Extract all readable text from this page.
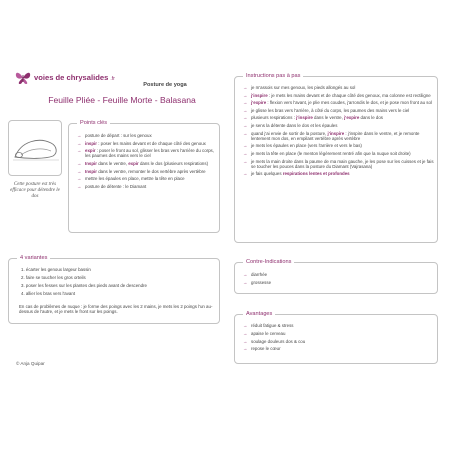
voies de chrysalides .fr
Posture de yoga
Feuille Pliée - Feuille Morte - Balasana
Cette posture est très efficace pour détendre le dos
Points clés
→ posture de départ : sur les genoux
→ inspir : poser les mains devant et de chaque côté des genoux
→ expir : poser le front au sol, glisser les bras vers l'arrière du corps, les paumes des mains vers le ciel
→ Inspir dans le ventre, expir dans le dos (plusieurs respirations)
→ Inspir dans le ventre, remonter le dos vertèbre après vertèbre
→ mettre les épaules en place, mettre la tête en place
→ posture de détente : le Diamant
Instructions pas à pas
→ je m'assois sur mes genoux, les pieds allongés au sol
→ j'inspire : je mets les mains devant et de chaque côté des genoux, ma colonne est rectiligne
→ j'expire : flexion vers l'avant, je plie mes coudes, j'arrondis le dos, et je pose mon front au sol
→ je glisse les bras vers l'arrière, à côté du corps, les paumes des mains vers le ciel
→ plusieurs respirations : j'inspire dans le ventre, j'expire dans le dos
→ je sens la détente dans le dos et les épaules
→ quand j'ai envie de sortir de la posture, j'inspire : j'inspire dans le ventre, et je remonte lentement mon dos, en empilant vertèbre après vertèbre
→ je mets les épaules en place (vers l'arrière et vers le bas)
→ je mets la tête en place (le menton légèrement rentré afin que la nuque soit droite)
→ je mets la main droite dans la paume de ma main gauche, je les pose sur les cuisses et je fais se toucher les pouces dans la posture du Diamant (Vajrasana)
→ je fais quelques respirations lentes et profondes
4 variantes
1. écarter les genoux largeur bassin
2. faire se toucher les gros orteils
3. poser les fesses sur les plantes des pieds avant de descendre
4. allier les bras vers l'avant
En cas de problèmes de nuque : je forme des poings avec les 2 mains, je mets les 2 poings l'un au-dessus de l'autre, et je mets le front sur les poings.
Contre-Indications
→ diarrhée
→ grossesse
Avantages
→ réduit fatigue & stress
→ apaise le cerveau
→ soulage douleurs dos & cou
→ repose le cœur
© Anja Quipar
